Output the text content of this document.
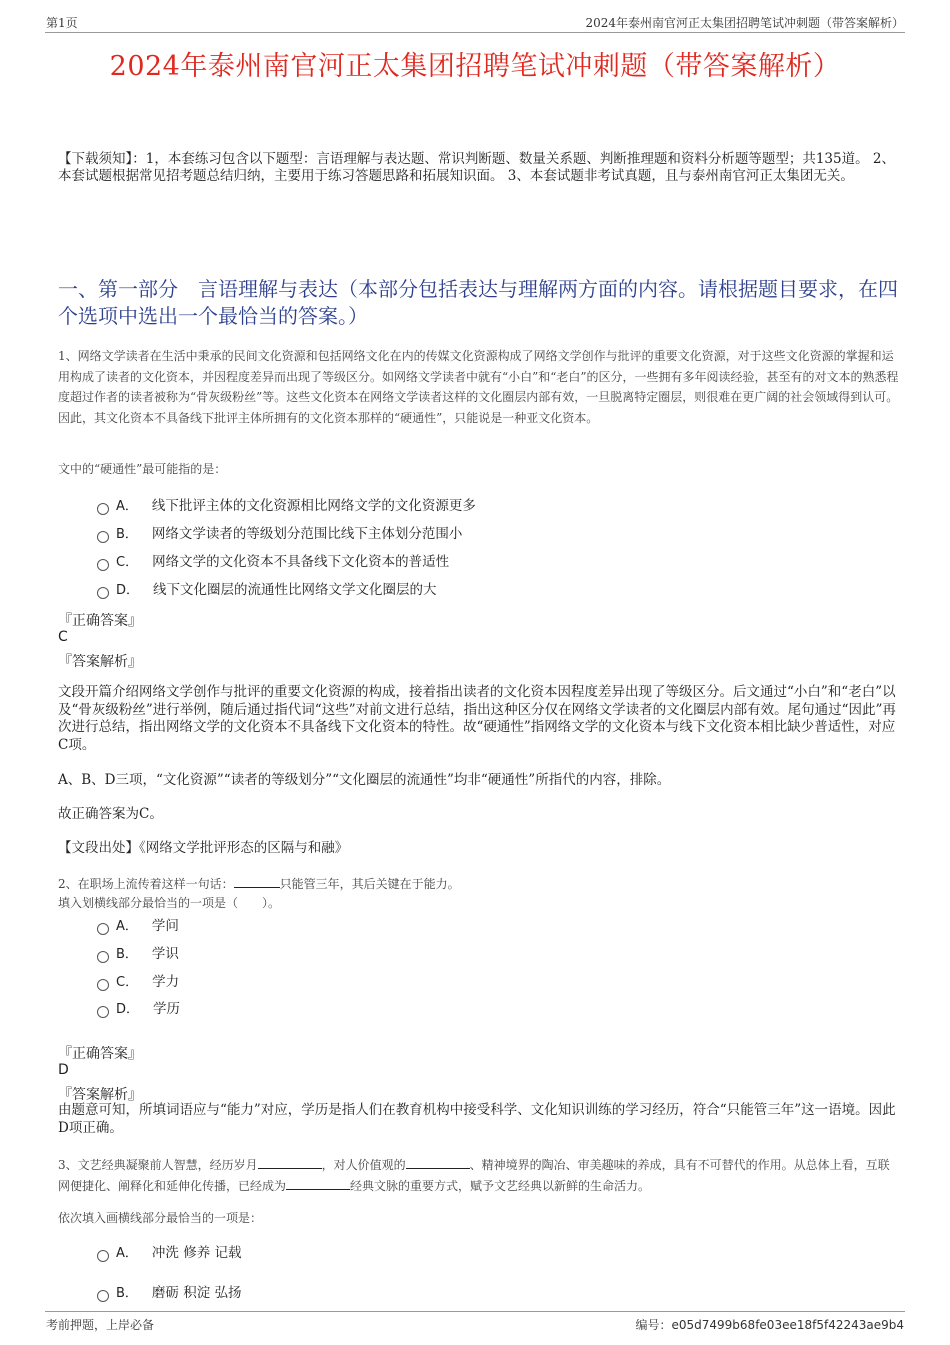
第1页	2024年泰州南官河正太集团招聘笔试冲刺题（带答案解析）
2024年泰州南官河正太集团招聘笔试冲刺题（带答案解析）
【下载须知】：1，本套练习包含以下题型：言语理解与表达题、常识判断题、数量关系题、判断推理题和资料分析题等题型；共135道。 2、本套试题根据常见招考题总结归纳，主要用于练习答题思路和拓展知识面。 3、本套试题非考试真题，且与泰州南官河正太集团无关。
一、第一部分　言语理解与表达（本部分包括表达与理解两方面的内容。请根据题目要求，在四个选项中选出一个最恰当的答案。）
1、网络文学读者在生活中秉承的民间文化资源和包括网络文化在内的传媒文化资源构成了网络文学创作与批评的重要文化资源，对于这些文化资源的掌握和运用构成了读者的文化资本，并因程度差异而出现了等级区分。如网络文学读者中就有“小白”和“老白”的区分，一些拥有多年阅读经验，甚至有的对文本的熟悉程度超过作者的读者被称为“骨灰级粉丝”等。这些文化资本在网络文学读者这样的文化圈层内部有效，一旦脱离特定圈层，则很难在更广阔的社会领域得到认可。因此，其文化资本不具备线下批评主体所拥有的文化资本那样的“硬通性”，只能说是一种亚文化资本。
文中的“硬通性”最可能指的是：
A． 线下批评主体的文化资源相比网络文学的文化资源更多
B． 网络文学读者的等级划分范围比线下主体划分范围小
C． 网络文学的文化资本不具备线下文化资本的普适性
D． 线下文化圈层的流通性比网络文学文化圈层的大
『正确答案』
C
『答案解析』
文段开篇介绍网络文学创作与批评的重要文化资源的构成，接着指出读者的文化资本因程度差异出现了等级区分。后文通过“小白”和“老白”以及“骨灰级粉丝”进行举例，随后通过指代词“这些”对前文进行总结，指出这种区分仅在网络文学读者的文化圈层内部有效。尾句通过“因此”再次进行总结，指出网络文学的文化资本不具备线下文化资本的特性。故“硬通性”指网络文学的文化资本与线下文化资本相比缺少普适性，对应C项。
A、B、D三项，“文化资源”“读者的等级划分”“文化圈层的流通性”均非“硬通性”所指代的内容，排除。
故正确答案为C。
【文段出处】《网络文学批评形态的区隔与和融》
2、在职场上流传着这样一句话：	只能管三年，其后关键在于能力。
填入划横线部分最恰当的一项是（　　）。
A． 学问
B． 学识
C． 学力
D． 学历
『正确答案』
D
『答案解析』
由题意可知，所填词语应与“能力”对应，学历是指人们在教育机构中接受科学、文化知识训练的学习经历，符合“只能管三年”这一语境。因此D项正确。
3、文艺经典凝聚前人智慧，经历岁月	，对人价值观的	、精神境界的陶冶、审美趣味的养成，具有不可替代的作用。从总体上看，互联网便捷化、阐释化和延伸化传播，已经成为	经典文脉的重要方式，赋予文艺经典以新鲜的生命活力。
依次填入画横线部分最恰当的一项是：
A． 冲洗 修养 记载
B． 磨砺 积淀 弘扬
考前押题，上岸必备	编号：e05d7499b68fe03ee18f5f42243ae9b4
